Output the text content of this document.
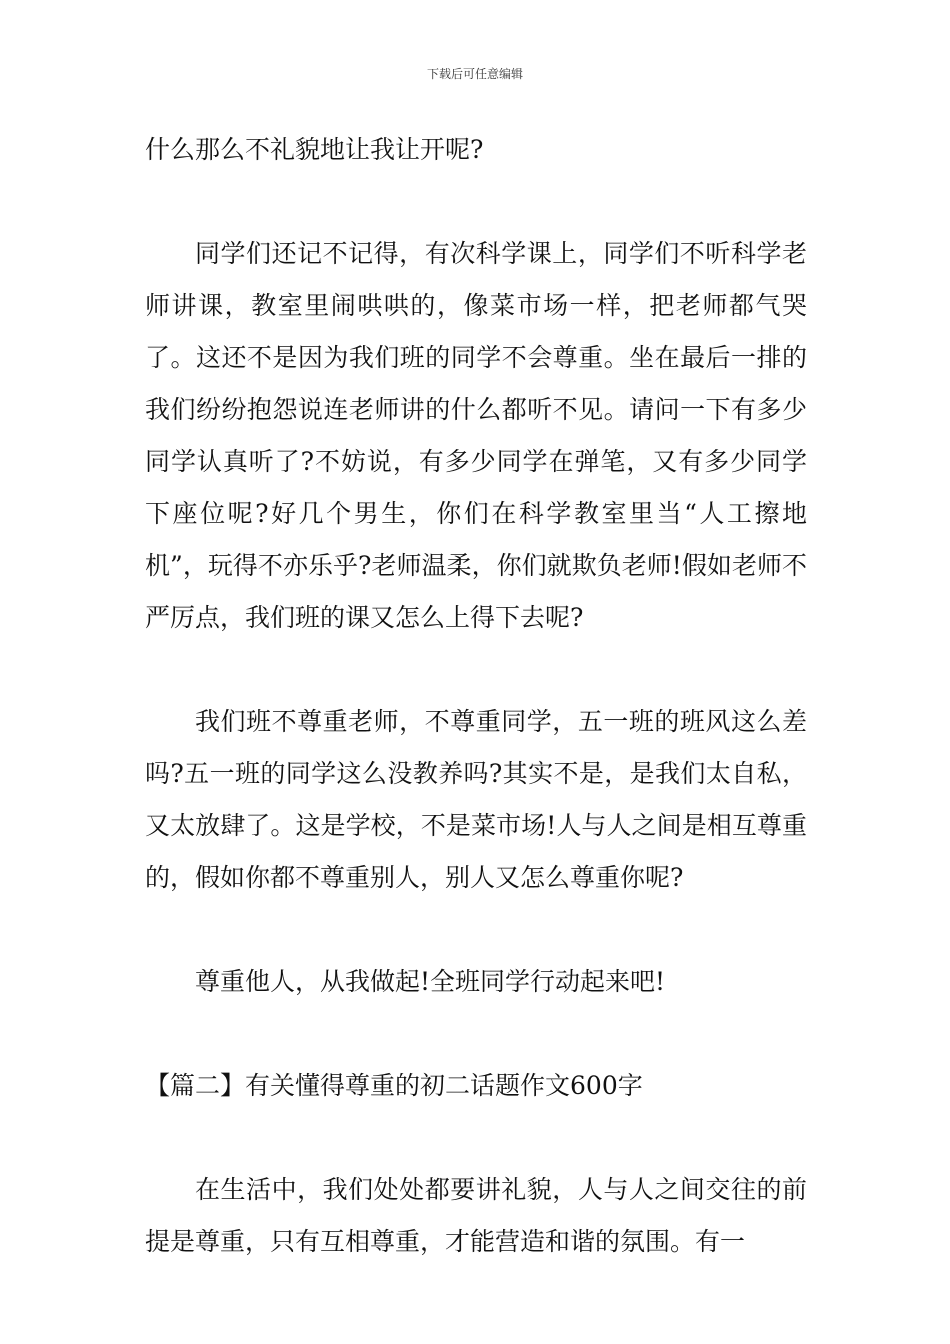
下载后可任意编辑

什么那么不礼貌地让我让开呢?

同学们还记不记得，有次科学课上，同学们不听科学老师讲课，教室里闹哄哄的，像菜市场一样，把老师都气哭了。这还不是因为我们班的同学不会尊重。坐在最后一排的我们纷纷抱怨说连老师讲的什么都听不见。请问一下有多少同学认真听了?不妨说，有多少同学在弹笔，又有多少同学下座位呢?好几个男生，你们在科学教室里当“人工擦地机”，玩得不亦乐乎?老师温柔，你们就欺负老师!假如老师不严厉点，我们班的课又怎么上得下去呢?

我们班不尊重老师，不尊重同学，五一班的班风这么差吗?五一班的同学这么没教养吗?其实不是，是我们太自私，又太放肆了。这是学校，不是菜市场!人与人之间是相互尊重的，假如你都不尊重别人，别人又怎么尊重你呢?

尊重他人，从我做起!全班同学行动起来吧!

【篇二】有关懂得尊重的初二话题作文600字

在生活中，我们处处都要讲礼貌，人与人之间交往的前提是尊重，只有互相尊重，才能营造和谐的氛围。有一
